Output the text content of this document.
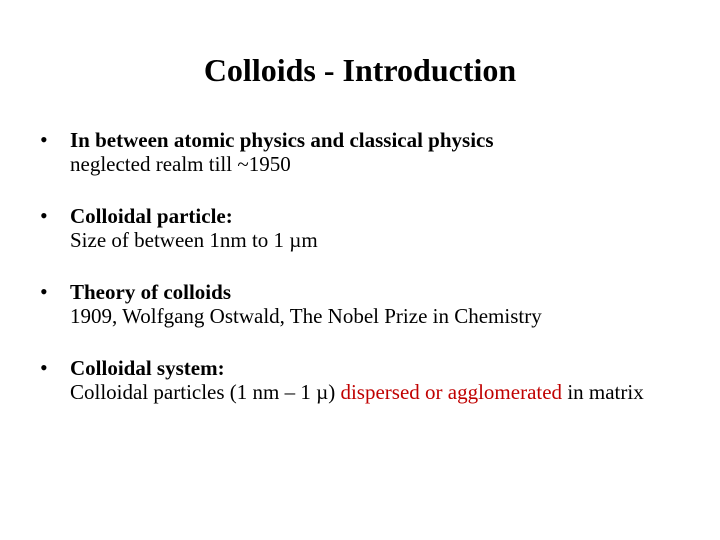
Colloids - Introduction
• In between atomic physics and classical physics
neglected realm till ~1950
• Colloidal particle:
Size of between 1nm to 1 µm
• Theory of colloids
1909, Wolfgang Ostwald, The Nobel Prize in Chemistry
• Colloidal system:
Colloidal particles (1 nm – 1 µ) dispersed or agglomerated in matrix
